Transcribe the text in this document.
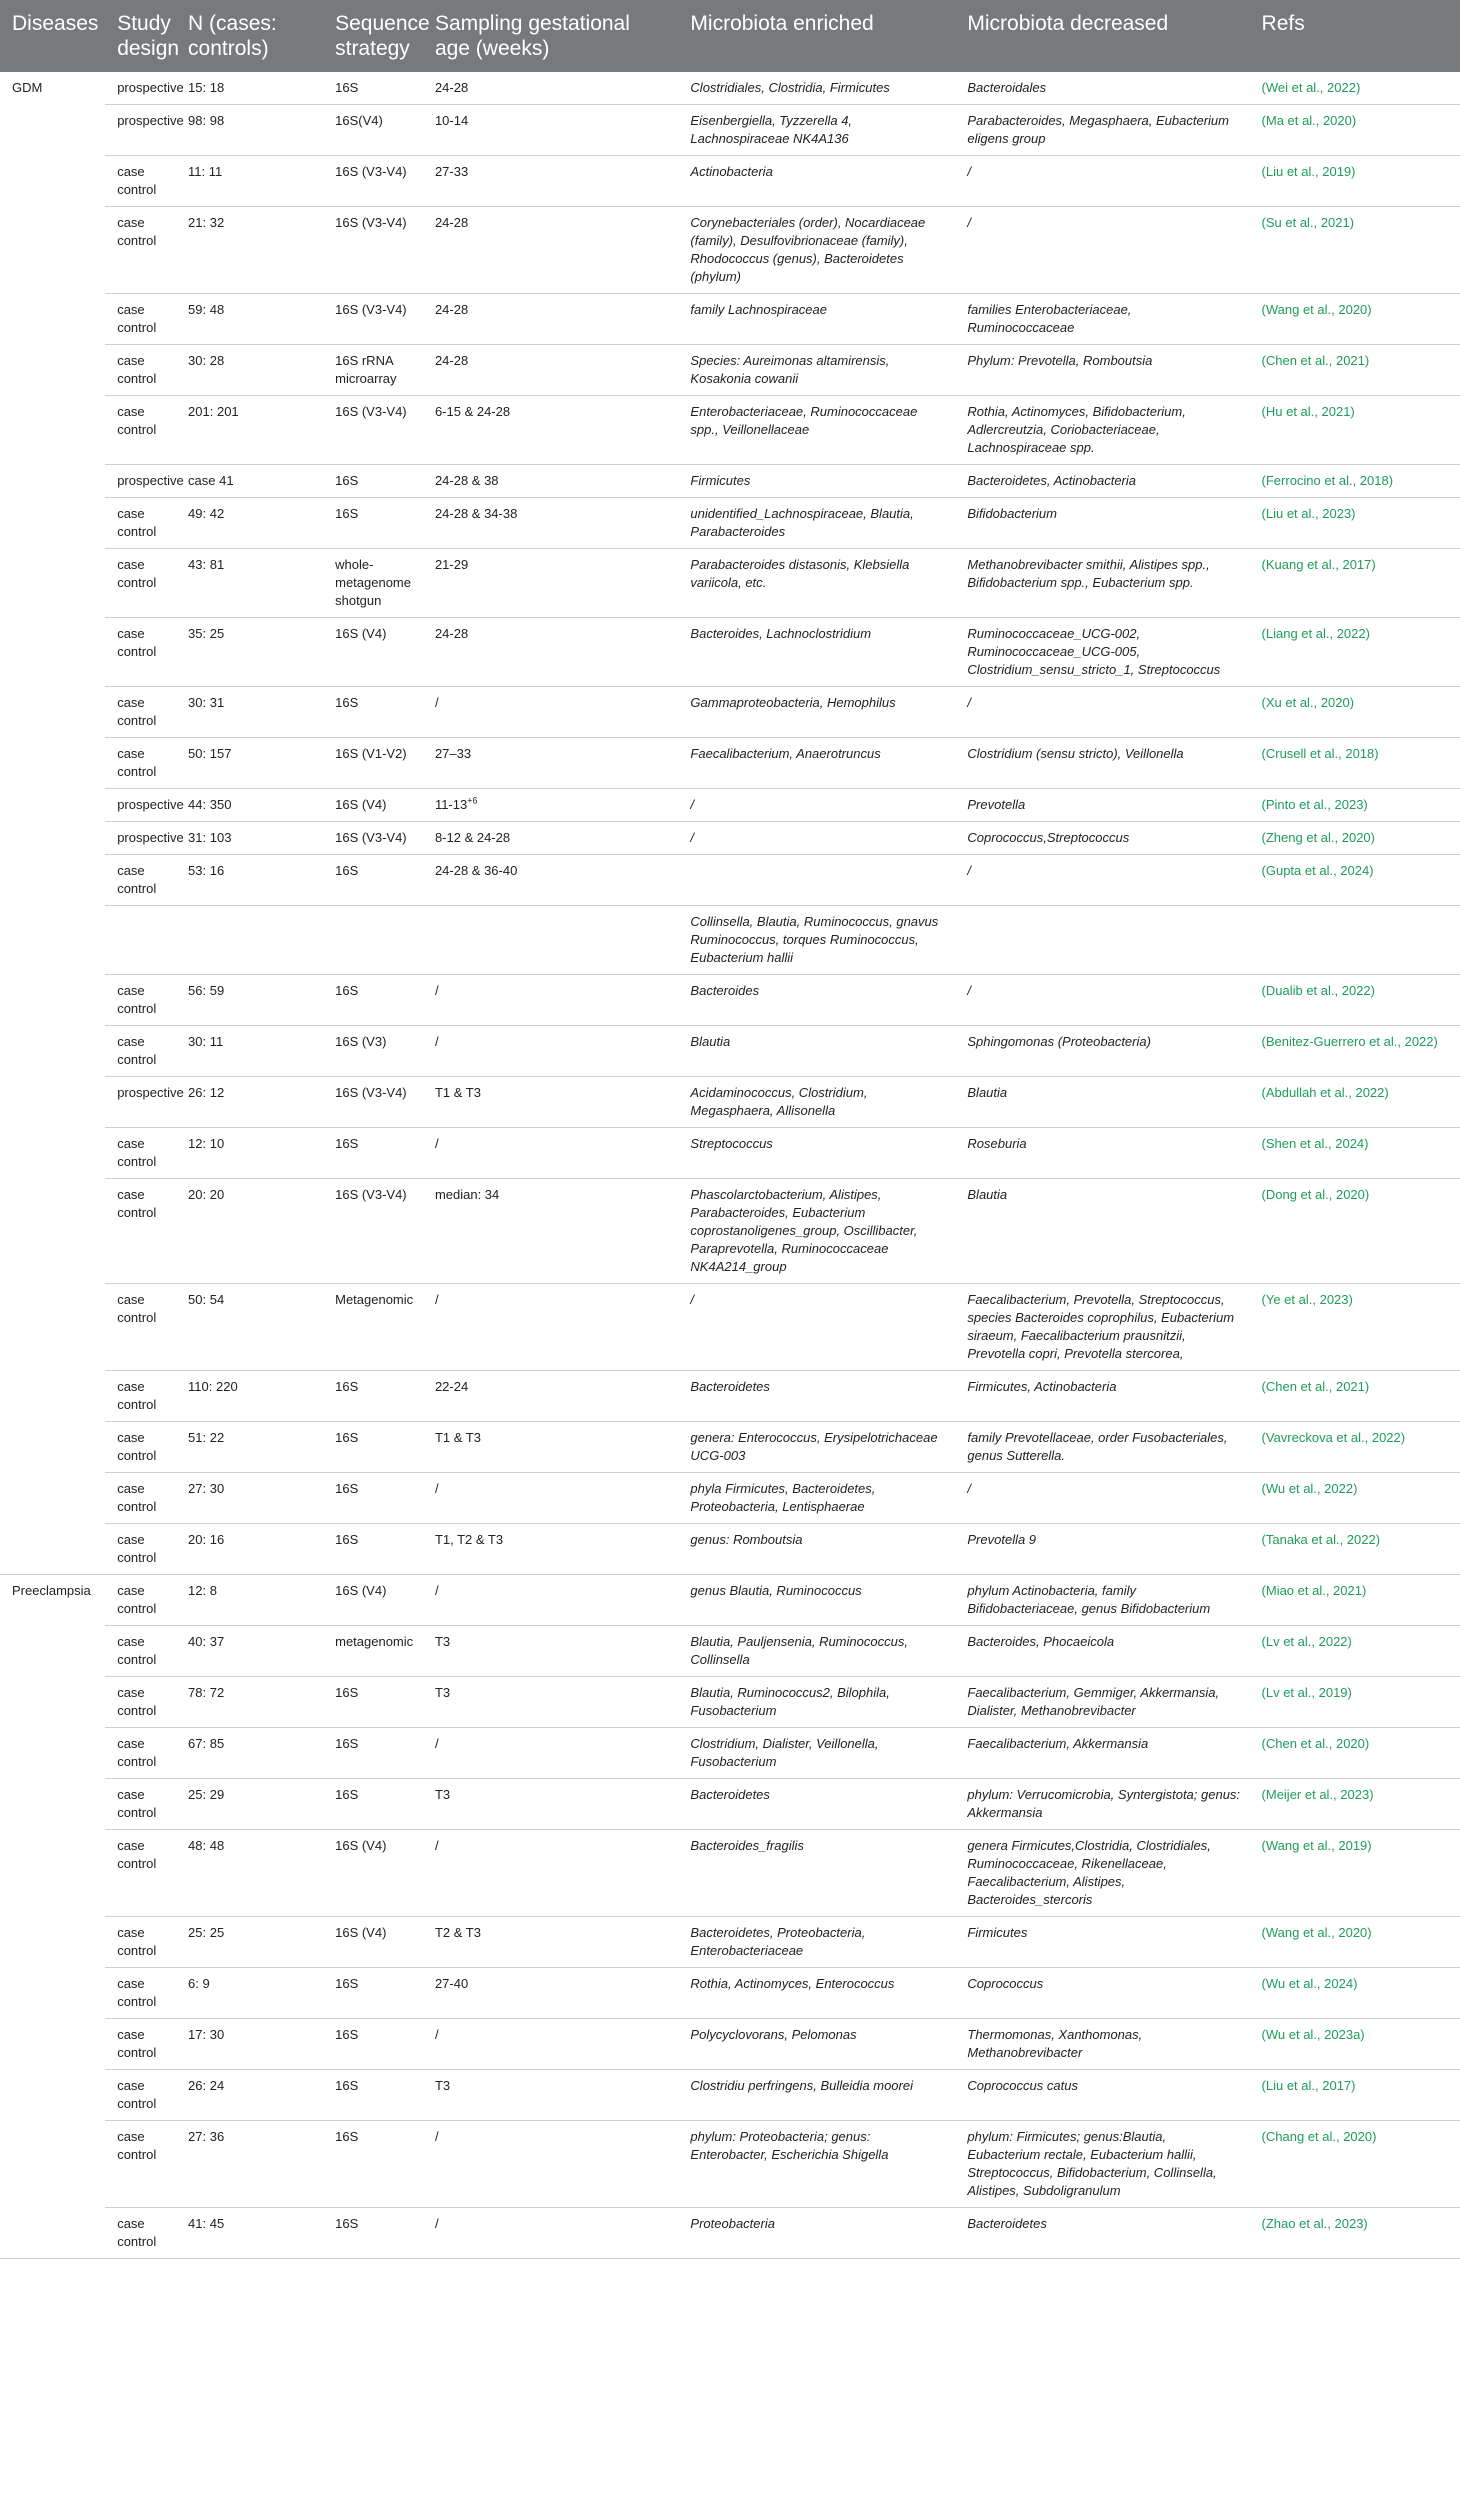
Diseases	Study design	N (cases: controls)	Sequence strategy	Sampling gestational age (weeks)	Microbiota enriched	Microbiota decreased	Refs
GDM	prospective	15: 18	16S	24-28	Clostridiales, Clostridia, Firmicutes	Bacteroidales	(Wei et al., 2022)
	prospective	98: 98	16S(V4)	10-14	Eisenbergiella, Tyzzerella 4, Lachnospiraceae NK4A136	Parabacteroides, Megasphaera, Eubacterium eligens group	(Ma et al., 2020)
	case control	11: 11	16S (V3-V4)	27-33	Actinobacteria	/	(Liu et al., 2019)
	case control	21: 32	16S (V3-V4)	24-28	Corynebacteriales (order), Nocardiaceae (family), Desulfovibrionaceae (family), Rhodococcus (genus), Bacteroidetes (phylum)	/	(Su et al., 2021)
	case control	59: 48	16S (V3-V4)	24-28	family Lachnospiraceae	families Enterobacteriaceae, Ruminococcaceae	(Wang et al., 2020)
	case control	30: 28	16S rRNA microarray	24-28	Species: Aureimonas altamirensis, Kosakonia cowanii	Phylum: Prevotella, Romboutsia	(Chen et al., 2021)
	case control	201: 201	16S (V3-V4)	6-15 & 24-28	Enterobacteriaceae, Ruminococcaceae spp., Veillonellaceae	Rothia, Actinomyces, Bifidobacterium, Adlercreutzia, Coriobacteriaceae, Lachnospiraceae spp.	(Hu et al., 2021)
	prospective	case 41	16S	24-28 & 38	Firmicutes	Bacteroidetes, Actinobacteria	(Ferrocino et al., 2018)
	case control	49: 42	16S	24-28 & 34-38	unidentified_Lachnospiraceae, Blautia, Parabacteroides	Bifidobacterium	(Liu et al., 2023)
	case control	43: 81	whole-metagenome shotgun	21-29	Parabacteroides distasonis, Klebsiella variicola, etc.	Methanobrevibacter smithii, Alistipes spp., Bifidobacterium spp., Eubacterium spp.	(Kuang et al., 2017)
	case control	35: 25	16S (V4)	24-28	Bacteroides, Lachnoclostridium	Ruminococcaceae_UCG-002, Ruminococcaceae_UCG-005, Clostridium_sensu_stricto_1, Streptococcus	(Liang et al., 2022)
	case control	30: 31	16S	/	Gammaproteobacteria, Hemophilus	/	(Xu et al., 2020)
	case control	50: 157	16S (V1-V2)	27–33	Faecalibacterium, Anaerotruncus	Clostridium (sensu stricto), Veillonella	(Crusell et al., 2018)
	prospective	44: 350	16S (V4)	$11-13^{+6}$	/	Prevotella	(Pinto et al., 2023)
	prospective	31: 103	16S (V3-V4)	8-12 & 24-28	/	Coprococcus,Streptococcus	(Zheng et al., 2020)
	case control	53: 16	16S	24-28 & 36-40		/	(Gupta et al., 2024)
					Collinsella, Blautia, Ruminococcus, gnavus Ruminococcus, torques Ruminococcus, Eubacterium hallii		
	case control	56: 59	16S	/	Bacteroides	/	(Dualib et al., 2022)
	case control	30: 11	16S (V3)	/	Blautia	Sphingomonas (Proteobacteria)	(Benitez-Guerrero et al., 2022)
	prospective	26: 12	16S (V3-V4)	T1 & T3	Acidaminococcus, Clostridium, Megasphaera, Allisonella	Blautia	(Abdullah et al., 2022)
	case control	12: 10	16S	/	Streptococcus	Roseburia	(Shen et al., 2024)
	case control	20: 20	16S (V3-V4)	median: 34	Phascolarctobacterium, Alistipes, Parabacteroides, Eubacterium coprostanoligenes_group, Oscillibacter, Paraprevotella, Ruminococcaceae NK4A214_group	Blautia	(Dong et al., 2020)
	case control	50: 54	Metagenomic	/	/	Faecalibacterium, Prevotella, Streptococcus, species Bacteroides coprophilus, Eubacterium siraeum, Faecalibacterium prausnitzii, Prevotella copri, Prevotella stercorea,	(Ye et al., 2023)
	case control	110: 220	16S	22-24	Bacteroidetes	Firmicutes, Actinobacteria	(Chen et al., 2021)
	case control	51: 22	16S	T1 & T3	genera: Enterococcus, Erysipelotrichaceae UCG-003	family Prevotellaceae, order Fusobacteriales, genus Sutterella.	(Vavreckova et al., 2022)
	case control	27: 30	16S	/	phyla Firmicutes, Bacteroidetes, Proteobacteria, Lentisphaerae	/	(Wu et al., 2022)
	case control	20: 16	16S	T1, T2 & T3	genus: Romboutsia	Prevotella 9	(Tanaka et al., 2022)
Preeclampsia	case control	12: 8	16S (V4)	/	genus Blautia, Ruminococcus	phylum Actinobacteria, family Bifidobacteriaceae, genus Bifidobacterium	(Miao et al., 2021)
	case control	40: 37	metagenomic	T3	Blautia, Pauljensenia, Ruminococcus, Collinsella	Bacteroides, Phocaeicola	(Lv et al., 2022)
	case control	78: 72	16S	T3	Blautia, Ruminococcus2, Bilophila, Fusobacterium	Faecalibacterium, Gemmiger, Akkermansia, Dialister, Methanobrevibacter	(Lv et al., 2019)
	case control	67: 85	16S	/	Clostridium, Dialister, Veillonella, Fusobacterium	Faecalibacterium, Akkermansia	(Chen et al., 2020)
	case control	25: 29	16S	T3	Bacteroidetes	phylum: Verrucomicrobia, Syntergistota; genus: Akkermansia	(Meijer et al., 2023)
	case control	48: 48	16S (V4)	/	Bacteroides_fragilis	genera Firmicutes,Clostridia, Clostridiales, Ruminococcaceae, Rikenellaceae, Faecalibacterium, Alistipes, Bacteroides_stercoris	(Wang et al., 2019)
	case control	25: 25	16S (V4)	T2 & T3	Bacteroidetes, Proteobacteria, Enterobacteriaceae	Firmicutes	(Wang et al., 2020)
	case control	6: 9	16S	27-40	Rothia, Actinomyces, Enterococcus	Coprococcus	(Wu et al., 2024)
	case control	17: 30	16S	/	Polycyclovorans, Pelomonas	Thermomonas, Xanthomonas, Methanobrevibacter	(Wu et al., 2023a)
	case control	26: 24	16S	T3	Clostridiu perfringens, Bulleidia moorei	Coprococcus catus	(Liu et al., 2017)
	case control	27: 36	16S	/	phylum: Proteobacteria; genus: Enterobacter, Escherichia Shigella	phylum: Firmicutes; genus:Blautia, Eubacterium rectale, Eubacterium hallii, Streptococcus, Bifidobacterium, Collinsella, Alistipes, Subdoligranulum	(Chang et al., 2020)
	case control	41: 45	16S	/	Proteobacteria	Bacteroidetes	(Zhao et al., 2023)
